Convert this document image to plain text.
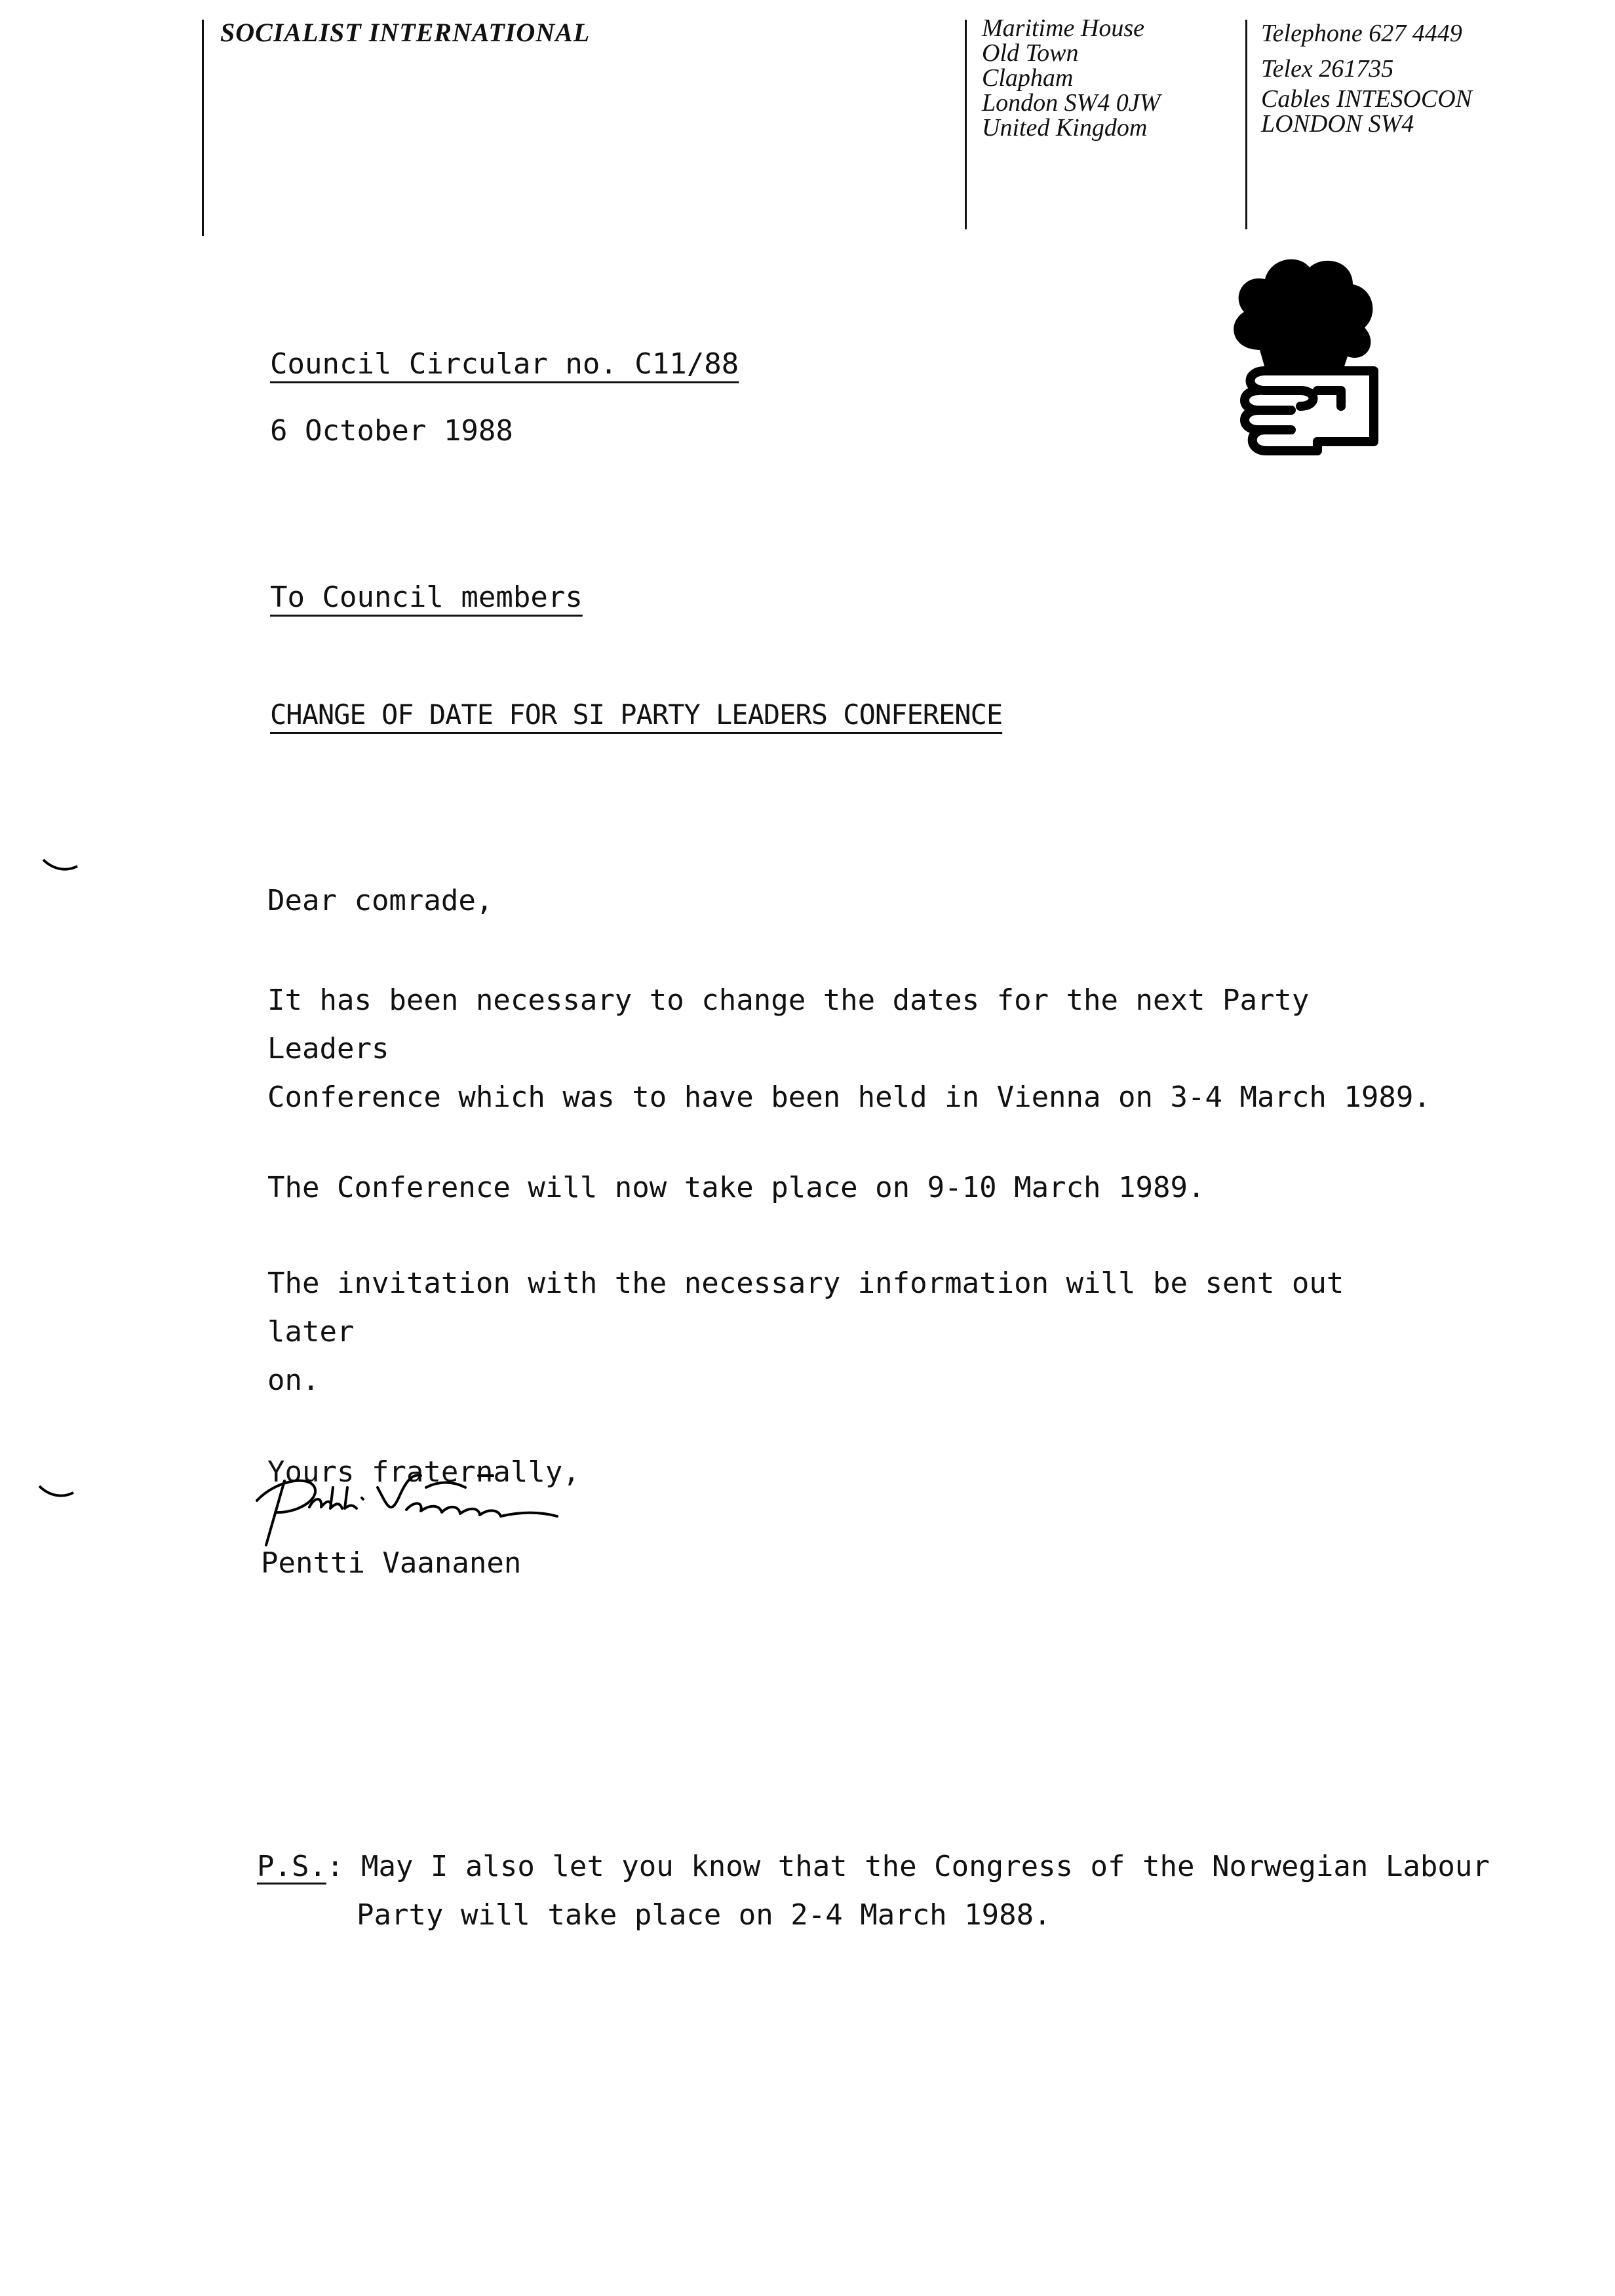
SOCIALIST INTERNATIONAL	Maritime House
Old Town
Clapham
London SW4 0JW
United Kingdom
Telephone 627 4449
Telex 261735
Cables INTESOCON
LONDON SW4
Council Circular no. C11/88
6 October 1988
To Council members
CHANGE OF DATE FOR SI PARTY LEADERS CONFERENCE

Dear comrade,

It has been necessary to change the dates for the next Party Leaders
Conference which was to have been held in Vienna on 3-4 March 1989.

The Conference will now take place on 9-10 March 1989.

The invitation with the necessary information will be sent out later
on.

Yours fraternally,

Pentti Vaananen
P.S.: May I also let you know that the Congress of the Norwegian Labour
Party will take place on 2-4 March 1988.
